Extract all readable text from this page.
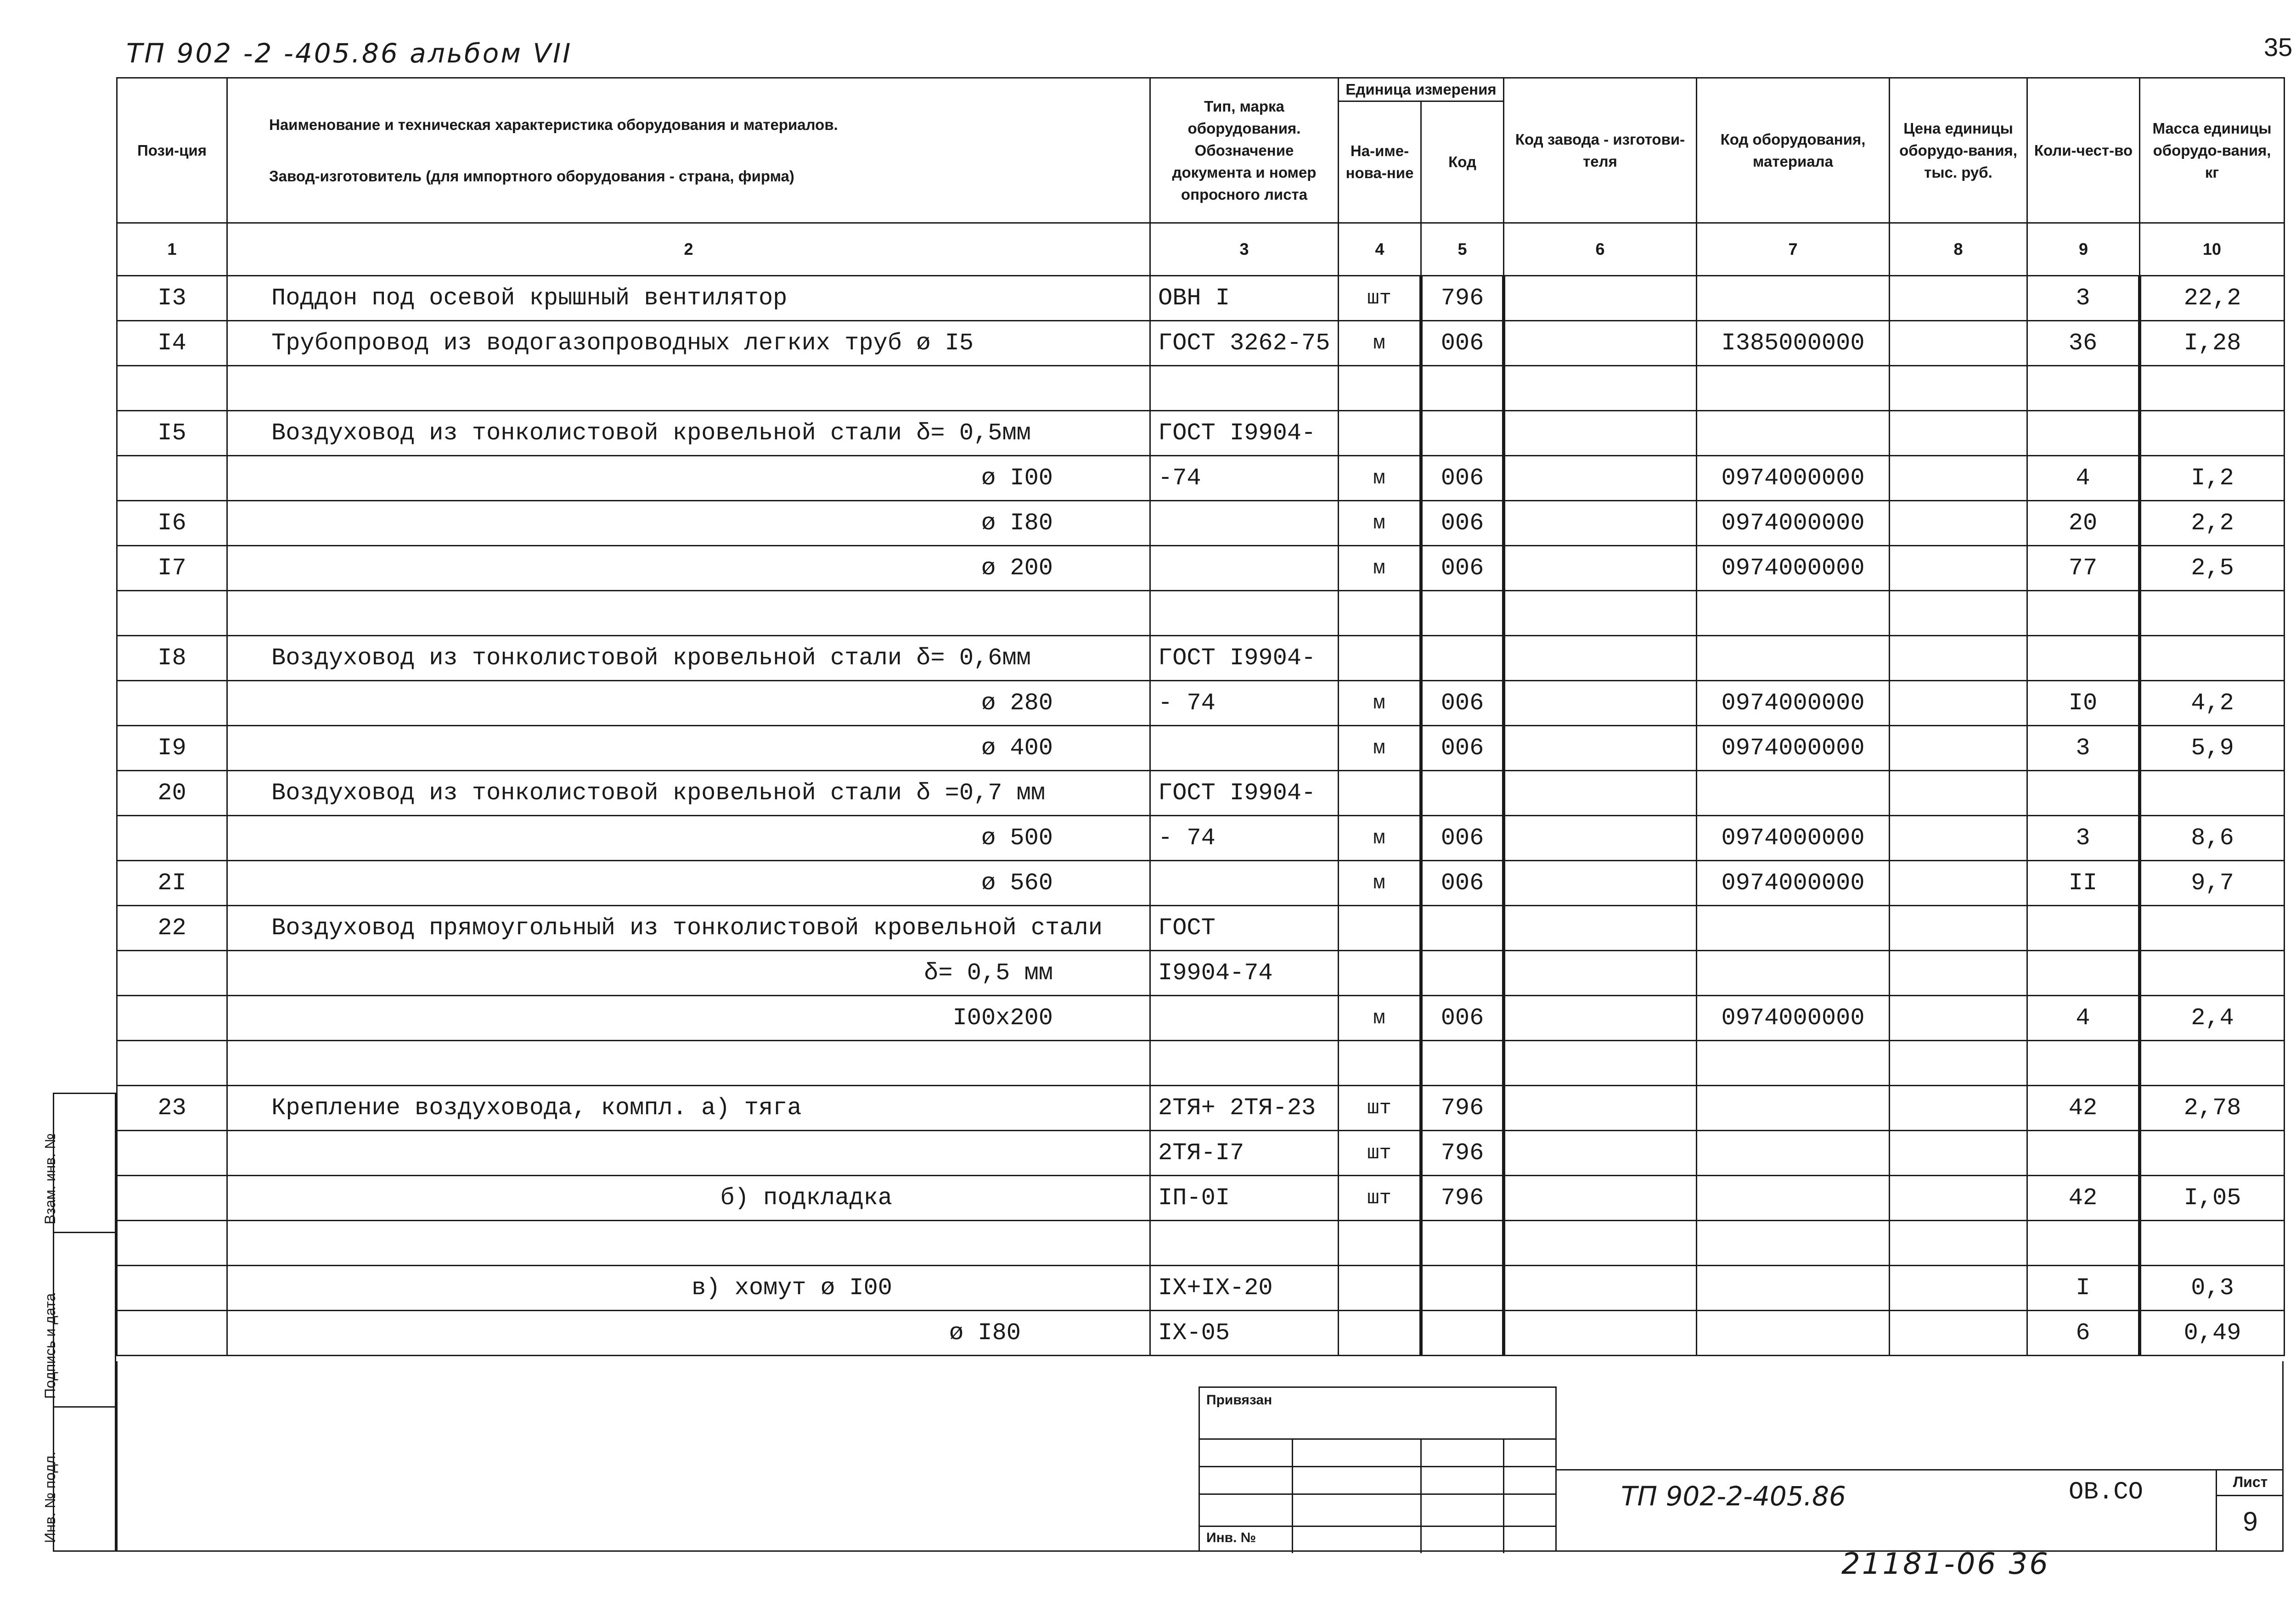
ТП 902 -2 -405.86 альбом VII	35
Пози-ция	Наименование и техническая характеристика оборудования и материалов.
Завод-изготовитель (для импортного оборудования - страна, фирма)	Тип, марка оборудования. Обозначение документа и номер опросного листа	Единица измерения		Код завода - изготови-теля	Код оборудования, материала	Цена единицы оборудо-вания, тыс. руб.	Коли-чест-во	Масса единицы оборудо-вания, кг
			На-име-нова-ние	Код					
1	2	3	4	5	6	7	8	9	10
I3	Поддон под осевой крышный вентилятор	ОВН I	шт	796				3	22,2
I4	Трубопровод из водогазопроводных легких труб ø I5	ГОСТ 3262-75	м	006		I385000000		36	I,28

I5	Воздуховод из тонколистовой кровельной стали δ= 0,5мм	ГОСТ I9904-							
	ø I00	-74	м	006		0974000000		4	I,2
I6	ø I80		м	006		0974000000		20	2,2
I7	ø 200		м	006		0974000000		77	2,5

I8	Воздуховод из тонколистовой кровельной стали δ= 0,6мм	ГОСТ I9904-							
	ø 280	- 74	м	006		0974000000		I0	4,2
I9	ø 400		м	006		0974000000		3	5,9
20	Воздуховод из тонколистовой кровельной стали δ =0,7 мм	ГОСТ I9904-							
	ø 500	- 74	м	006		0974000000		3	8,6
2I	ø 560		м	006		0974000000		II	9,7
22	Воздуховод прямоугольный из тонколистовой кровельной стали	ГОСТ							
	δ= 0,5 мм	I9904-74							
	I00x200		м	006		0974000000		4	2,4

23	Крепление воздуховода, компл. а) тяга	2ТЯ+ 2ТЯ-23	шт	796				42	2,78
		2ТЯ-I7	шт	796					
	б) подкладка	IП-0I	шт	796				42	I,05

	в) хомут ø I00	IХ+IХ-20						I	0,3
	ø I80	IХ-05						6	0,49
Взам. инв. №
Подпись и дата
Инв. № подл.
Привязан
Инв. №
ТП 902-2-405.86	ОВ.СО	Лист
9
21181-06 36
